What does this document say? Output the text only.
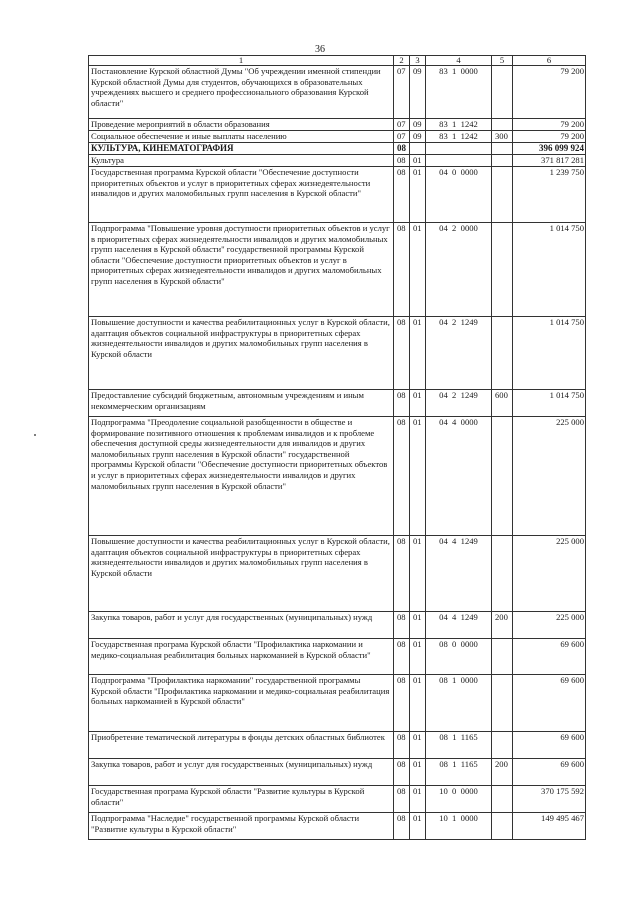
36
1	2	3	4	5	6
Постановление Курской областной Думы "Об учреждении именной стипендии Курской областной Думы для студентов, обучающихся в образовательных учреждениях высшего и среднего профессионального образования Курской области"	07	09	83  1  0000		79 200
Проведение мероприятий в области образования	07	09	83  1  1242		79 200
Социальное обеспечение и иные выплаты населению	07	09	83  1  1242	300	79 200
КУЛЬТУРА, КИНЕМАТОГРАФИЯ	08				396 099 924
Культура	08	01			371 817 281
Государственная программа Курской области "Обеспечение доступности приоритетных объектов и услуг в приоритетных сферах жизнедеятельности инвалидов и других маломобильных групп населения в Курской области"	08	01	04  0  0000		1 239 750
Подпрограмма "Повышение уровня доступности приоритетных объектов и услуг в приоритетных сферах жизнедеятельности инвалидов и других маломобильных групп населения в Курской области" государственной программы Курской области "Обеспечение доступности приоритетных объектов и услуг в приоритетных сферах жизнедеятельности инвалидов и других маломобильных групп населения в Курской области"	08	01	04  2  0000		1 014 750
Повышение доступности и качества реабилитационных услуг в Курской области, адаптация объектов социальной инфраструктуры в приоритетных сферах жизнедеятельности инвалидов и других маломобильных групп населения в Курской области	08	01	04  2  1249		1 014 750
Предоставление субсидий бюджетным, автономным учреждениям и иным некоммерческим организациям	08	01	04  2  1249	600	1 014 750
Подпрограмма "Преодоление социальной разобщенности в обществе и формирование позитивного отношения к проблемам инвалидов и к проблеме обеспечения доступной среды жизнедеятельности для инвалидов и других маломобильных групп населения в Курской области" государственной программы Курской области "Обеспечение доступности приоритетных объектов и услуг в приоритетных сферах жизнедеятельности инвалидов и других маломобильных групп населения в Курской области"	08	01	04  4  0000		225 000
Повышение доступности и качества реабилитационных услуг в Курской области, адаптация объектов социальной инфраструктуры в приоритетных сферах жизнедеятельности инвалидов и других маломобильных групп населения в Курской области	08	01	04  4  1249		225 000
Закупка товаров, работ и услуг для государственных (муниципальных) нужд	08	01	04  4  1249	200	225 000
Государственная програма Курской области "Профилактика наркомании и медико-социальная реабилитация больных наркоманией в Курской области"	08	01	08  0  0000		69 600
Подпрограмма "Профилактика наркомании" государственной программы Курской области "Профилактика наркомании и медико-социальная реабилитация больных наркоманией в Курской области"	08	01	08  1  0000		69 600
Приобретение тематической литературы в фонды детских областных библиотек	08	01	08  1  1165		69 600
Закупка товаров, работ и услуг для государственных (муниципальных) нужд	08	01	08  1  1165	200	69 600
Государственная програма Курской области "Развитие культуры в Курской области"	08	01	10  0  0000		370 175 592
Подпрограмма "Наследие" государственной программы Курской области "Развитие культуры в Курской области"	08	01	10  1  0000		149 495 467
